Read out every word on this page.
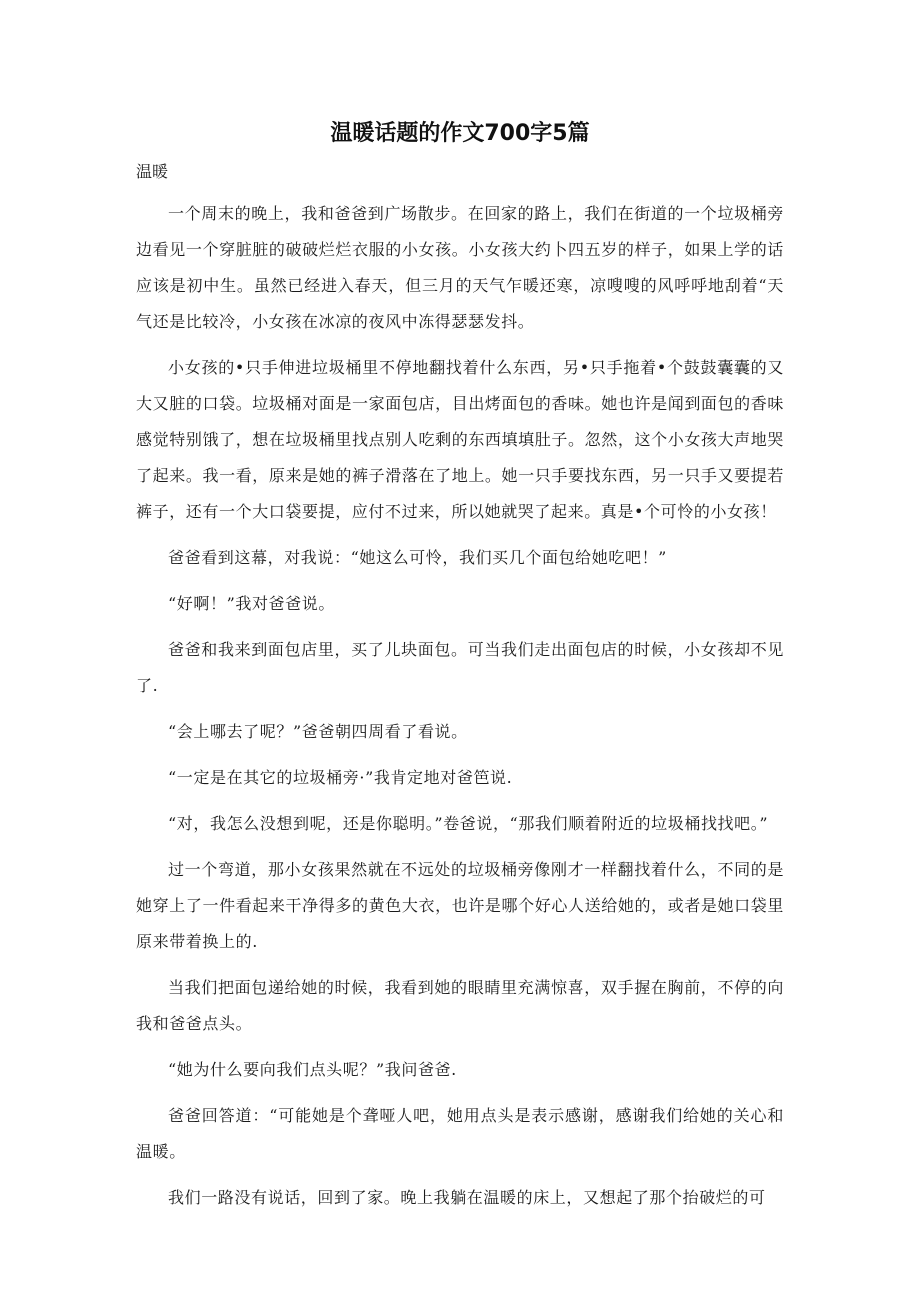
温暖话题的作文700字5篇
温暖

一个周末的晚上，我和爸爸到广场散步。在回家的路上，我们在街道的一个垃圾桶旁边看见一个穿脏脏的破破烂烂衣服的小女孩。小女孩大约卜四五岁的样子，如果上学的话应该是初中生。虽然已经进入春天，但三月的天气乍暖还寒，凉嗖嗖的风呼呼地刮着“天气还是比较冷，小女孩在冰凉的夜风中冻得瑟瑟发抖。

小女孩的•只手伸进垃圾桶里不停地翻找着什么东西，另•只手拖着•个鼓鼓囊囊的又大又脏的口袋。垃圾桶对面是一家面包店，目出烤面包的香味。她也许是闻到面包的香味感觉特别饿了，想在垃圾桶里找点别人吃剩的东西填填肚子。忽然，这个小女孩大声地哭了起来。我一看，原来是她的裤子滑落在了地上。她一只手要找东西，另一只手又要提若裤子，还有一个大口袋要提，应付不过来，所以她就哭了起来。真是•个可怜的小女孩！

爸爸看到这幕，对我说：“她这么可怜，我们买几个面包给她吃吧！”

“好啊！”我对爸爸说。

爸爸和我来到面包店里，买了儿块面包。可当我们走出面包店的时候，小女孩却不见了.

“会上哪去了呢？”爸爸朝四周看了看说。

“一定是在其它的垃圾桶旁·”我肯定地对爸笆说.

“对，我怎么没想到呢，还是你聪明。”卷爸说，“那我们顺着附近的垃圾桶找找吧。”

过一个弯道，那小女孩果然就在不远处的垃圾桶旁像刚才一样翻找着什么，不同的是她穿上了一件看起来干净得多的黄色大衣，也许是哪个好心人送给她的，或者是她口袋里原来带着换上的.

当我们把面包递给她的时候，我看到她的眼睛里充满惊喜，双手握在胸前，不停的向我和爸爸点头。

“她为什么要向我们点头呢？”我问爸爸.

爸爸回答道：“可能她是个聋哑人吧，她用点头是表示感谢，感谢我们给她的关心和温暖。

我们一路没有说话，回到了家。晚上我躺在温暖的床上，又想起了那个抬破烂的可
